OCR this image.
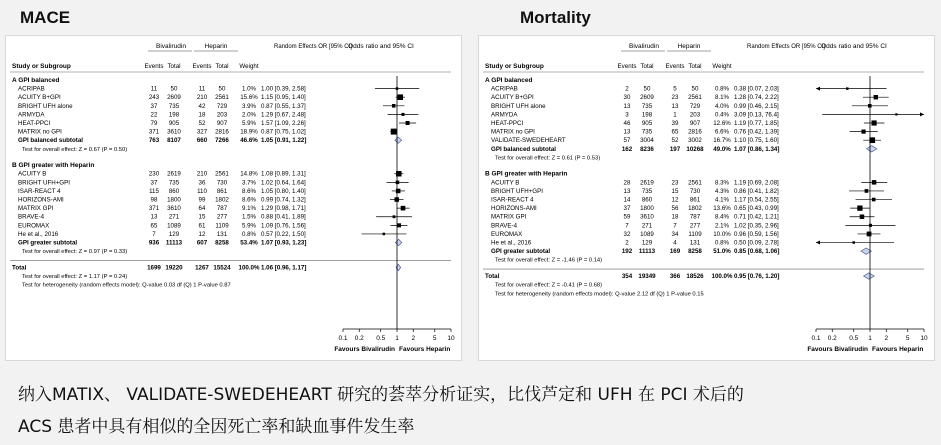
MACE	Mortality
Bivalirudin	Heparin	Random Effects OR [95% CI]
Odds ratio and 95% CI
Study or Subgroup	Events Total Events Total Weight
A GPI balanced
ACRIPAB	11 50	11 50	1.0% 1.00 [0.39, 2.58]
ACUITY B+GPI	243 2609	210 2561 15.6% 1.15 [0.95, 1.40]
BRIGHT UFH alone	37 735	42 729 3.9% 0.87 [0.55, 1.37]
ARMYDA	22 198	18 203 2.0% 1.29 [0.67, 2.48]
HEAT-PPCI	79 905	52 907 5.9% 1.57 [1.09, 2.26]
MATRIX no GPI	371 3610	327 2816 18.9% 0.87 [0.75, 1.02]
GPI balanced subtotal	763 8107	660 7266 46.6% 1.05 [0.91, 1.22]
Test for overall effect: Z = 0.67 (P = 0.50)
B GPI greater with Heparin
ACUITY B	230 2619	210 2561 14.8% 1.08 [0.89, 1.31]
BRIGHT UFH+GPI	37 735	36 730 3.7% 1.02 [0.64, 1.64]
ISAR-REACT 4	115 860	110 861 8.6% 1.05 [0.80, 1.40]
HORIZONS-AMI	98 1800	99 1802 8.6% 0.99 [0.74, 1.32]
MATRIX GPI	371 3610	64 787 9.1% 1.29 [0.98, 1.71]
BRAVE-4	13 271	15 277 1.5% 0.88 [0.41, 1.89]
EUROMAX	65 1089	61 1109 5.9% 1.09 [0.76, 1.56]
He et al., 2016	7 129	12 131 0.8% 0.57 [0.22, 1.50]
GPI greater subtotal	936 11113 607 8258 53.4% 1.07 [0.93, 1.23]
Test for overall effect: Z = 0.97 (P = 0.33)
Total	1699 19220 1267 15524 100.0% 1.06 [0.96, 1.17]
Test for overall effect: Z = 1.17 (P = 0.24)
Test for heterogeneity (random effects model): Q-value 0.03 df (Q) 1 P-value 0.87
0.1 0.2 0.5 1 2	5 10
Favours Bivalirudin Favours Heparin
Bivalirudin	Heparin	Random Effects OR [95% CI]
Odds ratio and 95% CI
Study or Subgroup	Events Total Events Total Weight
A GPI balanced
ACRIPAB	2 50	5 50	0.8% 0.38 [0.07, 2.03]
ACUITY B+GPI	30 2609	23 2561 8.1% 1.28 [0.74, 2.22]
BRIGHT UFH alone	13 735	13 729 4.0% 0.99 [0.46, 2.15]
ARMYDA	3 198	1 203 0.4% 3.09 [0.13, 76.4]
HEAT-PPCI	46 905	39 907 12.6% 1.19 [0.77, 1.85]
MATRIX no GPI	13 735	65 2816 6.6% 0.76 [0.42, 1.39]
VALIDATE-SWEDEHEART	57 3004	52 3002 16.7% 1.10 [0.75, 1.60]
GPI balanced subtotal	162 8236	197 10268 49.0% 1.07 [0.86, 1.34]
Test for overall effect: Z = 0.61 (P = 0.53)
B GPI greater with Heparin
ACUITY B	28 2619	23 2561 8.3% 1.19 [0.69, 2.08]
BRIGHT UFH+GPI	13 735	15 730 4.3% 0.86 [0.41, 1.82]
ISAR-REACT 4	14 860	12 861 4.1% 1.17 [0.54, 2.55]
HORIZONS-AMI	37 1800	56 1802 13.6% 0.65 [0.43, 0.99]
MATRIX GPI	59 3610	18 787 8.4% 0.71 [0.42, 1.21]
BRAVE-4	7 271	7 277 2.1% 1.02 [0.35, 2.96]
EUROMAX	32 1089	34 1109 10.0% 0.96 [0.59, 1.56]
He et al., 2016	2 129	4 131 0.8% 0.50 [0.09, 2.78]
GPI greater subtotal	192 11113 169 8258 51.0% 0.85 [0.68, 1.06]
Test for overall effect: Z = -1.46 (P = 0.14)
Total	354 19349 366 18526 100.0% 0.95 [0.76, 1.20]
Test for overall effect: Z = -0.41 (P = 0.68)
Test for heterogeneity (random effects model): Q-value 2.12 df (Q) 1 P-value 0.15
0.1 0.2 0.5 1 2	5 10
Favours Bivalirudin Favours Heparin
纳入MATIX、 VALIDATE-SWEDEHEART 研究的荟萃分析证实，比伐芦定和 UFH 在 PCI 术后的
ACS 患者中具有相似的全因死亡率和缺血事件发生率
